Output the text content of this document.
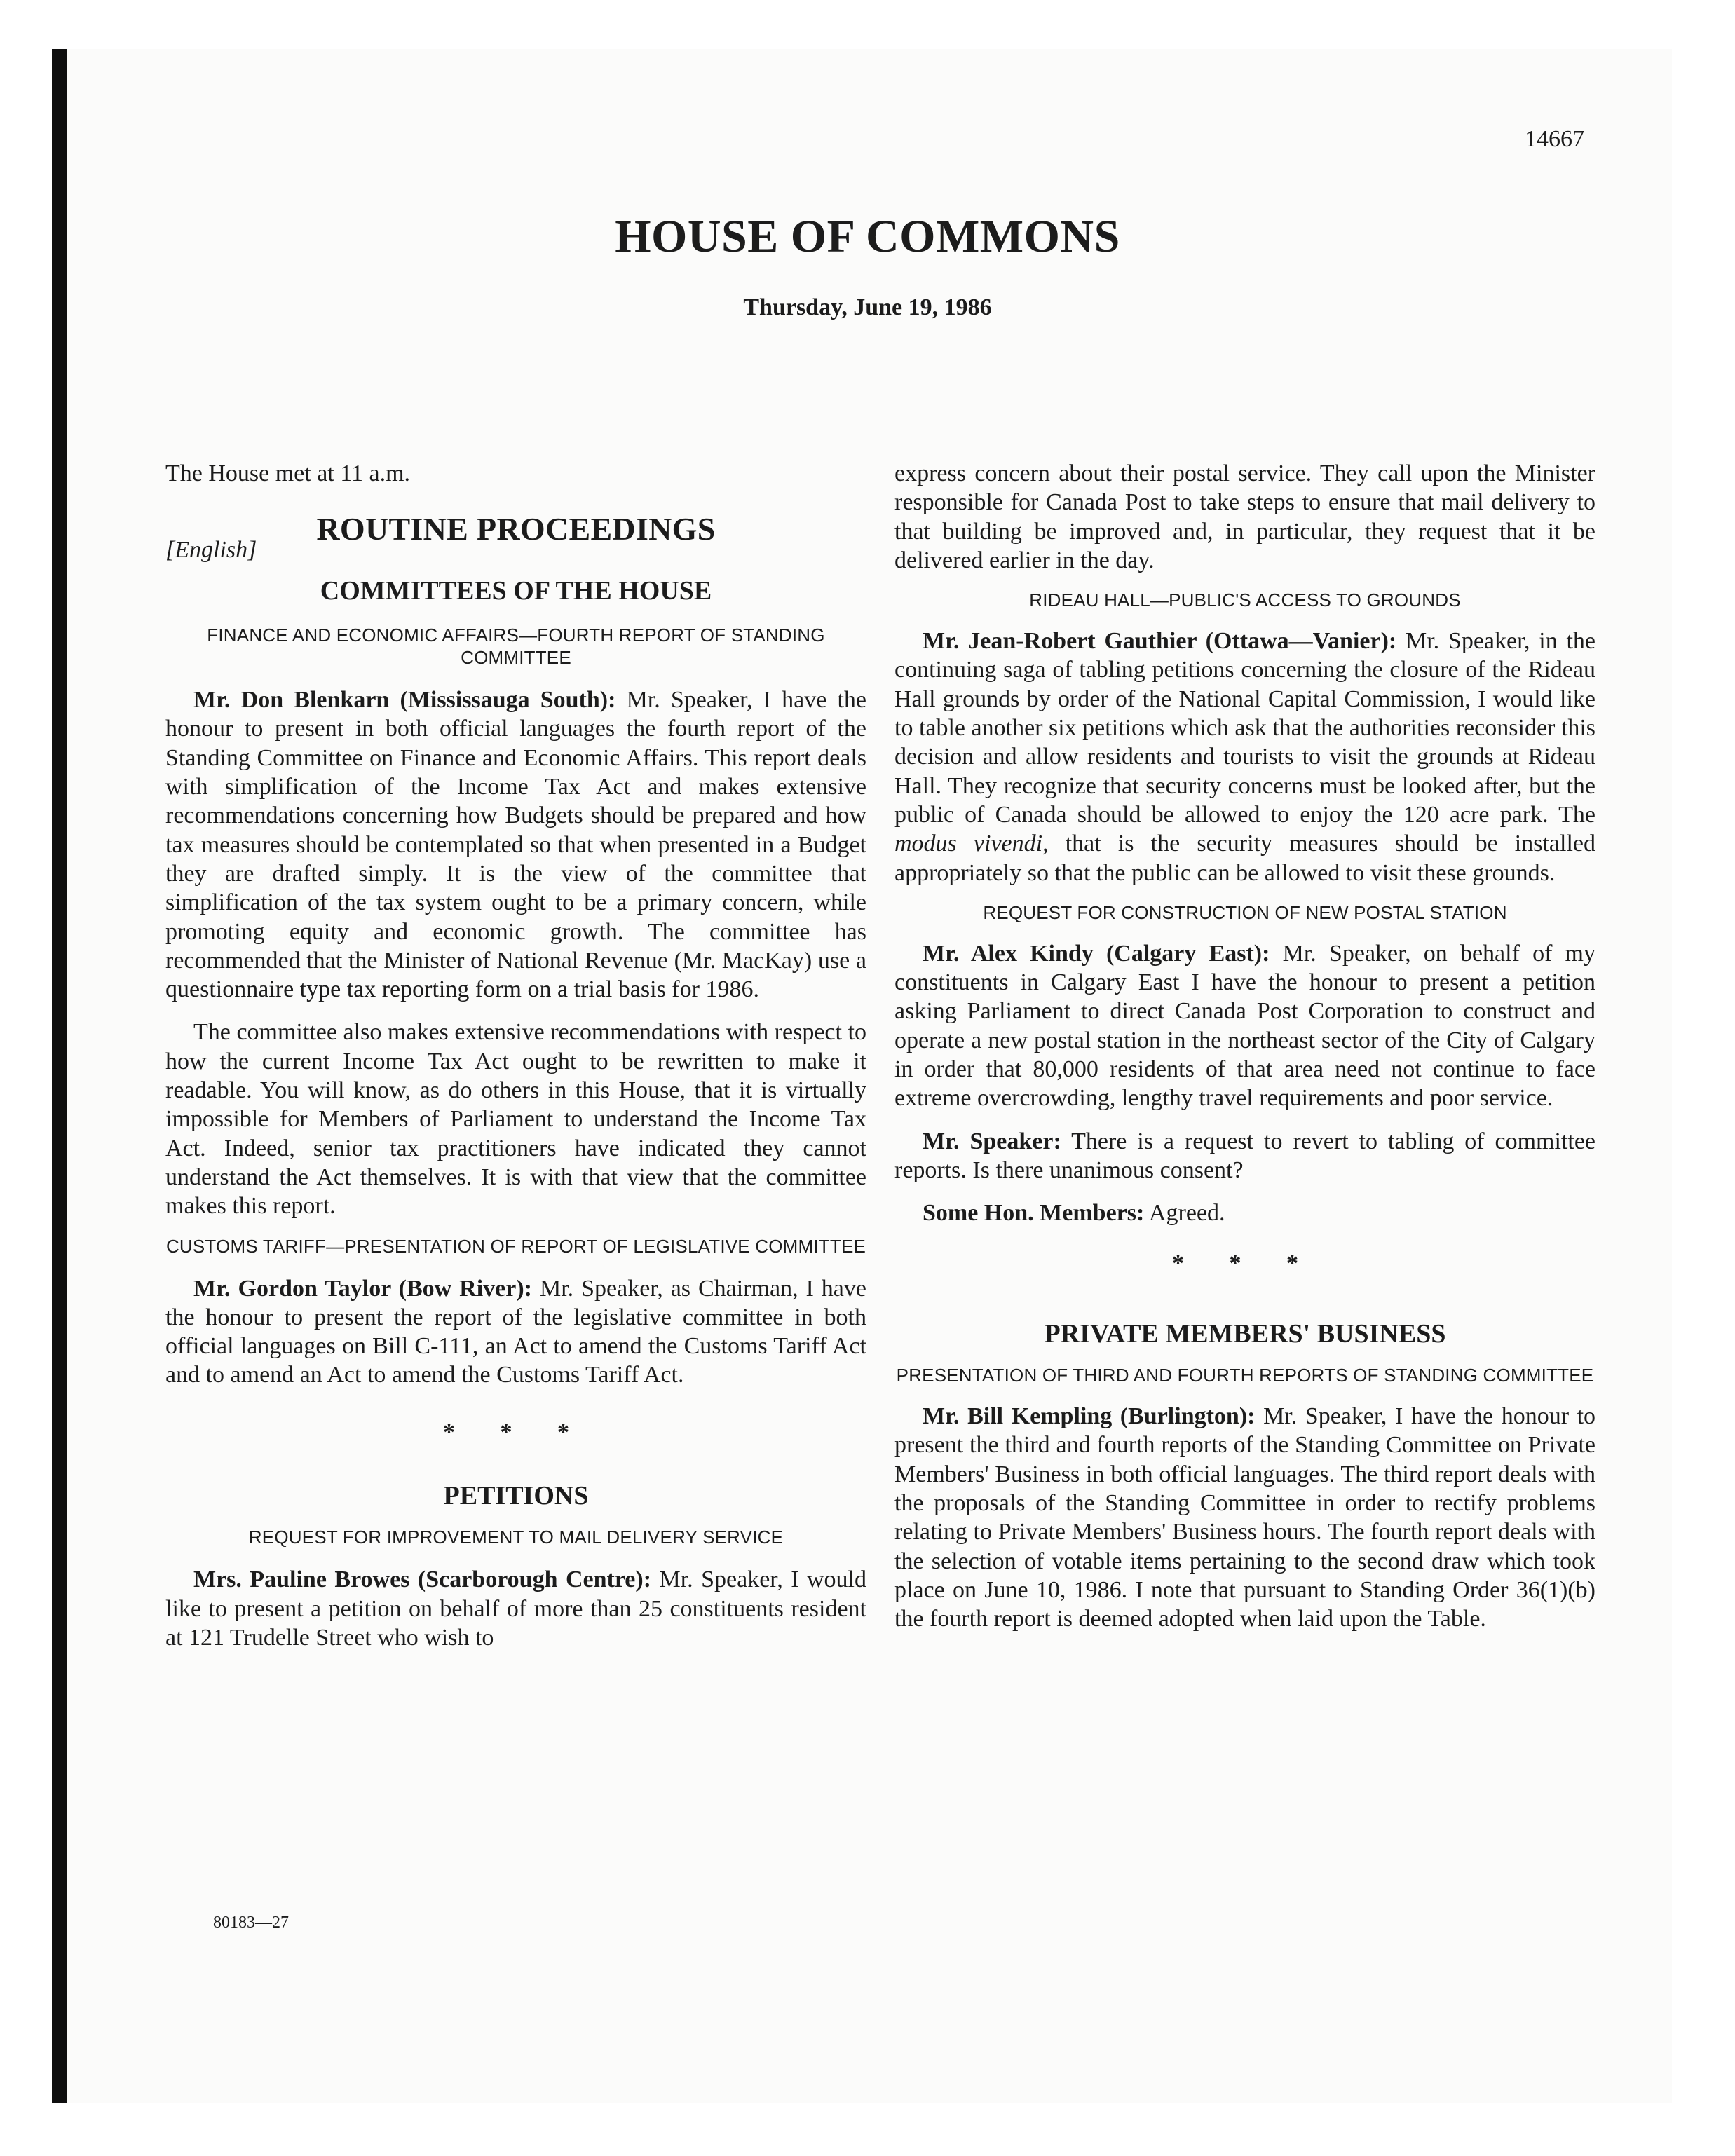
14667
HOUSE OF COMMONS
Thursday, June 19, 1986

The House met at 11 a.m.

ROUTINE PROCEEDINGS
[English]
COMMITTEES OF THE HOUSE
FINANCE AND ECONOMIC AFFAIRS—FOURTH REPORT OF STANDING COMMITTEE

Mr. Don Blenkarn (Mississauga South): Mr. Speaker, I have the honour to present in both official languages the fourth report of the Standing Committee on Finance and Economic Affairs. This report deals with simplification of the Income Tax Act and makes extensive recommendations concerning how Budgets should be prepared and how tax measures should be contemplated so that when presented in a Budget they are drafted simply. It is the view of the committee that simplification of the tax system ought to be a primary concern, while promoting equity and economic growth. The committee has recommended that the Minister of National Revenue (Mr. MacKay) use a questionnaire type tax reporting form on a trial basis for 1986.

The committee also makes extensive recommendations with respect to how the current Income Tax Act ought to be rewritten to make it readable. You will know, as do others in this House, that it is virtually impossible for Members of Parliament to understand the Income Tax Act. Indeed, senior tax practitioners have indicated they cannot understand the Act themselves. It is with that view that the committee makes this report.

CUSTOMS TARIFF—PRESENTATION OF REPORT OF LEGISLATIVE COMMITTEE

Mr. Gordon Taylor (Bow River): Mr. Speaker, as Chairman, I have the honour to present the report of the legislative committee in both official languages on Bill C-111, an Act to amend the Customs Tariff Act and to amend an Act to amend the Customs Tariff Act.

* * *
PETITIONS
REQUEST FOR IMPROVEMENT TO MAIL DELIVERY SERVICE

Mrs. Pauline Browes (Scarborough Centre): Mr. Speaker, I would like to present a petition on behalf of more than 25 constituents resident at 121 Trudelle Street who wish to

express concern about their postal service. They call upon the Minister responsible for Canada Post to take steps to ensure that mail delivery to that building be improved and, in particular, they request that it be delivered earlier in the day.

RIDEAU HALL—PUBLIC'S ACCESS TO GROUNDS

Mr. Jean-Robert Gauthier (Ottawa—Vanier): Mr. Speaker, in the continuing saga of tabling petitions concerning the closure of the Rideau Hall grounds by order of the National Capital Commission, I would like to table another six petitions which ask that the authorities reconsider this decision and allow residents and tourists to visit the grounds at Rideau Hall. They recognize that security concerns must be looked after, but the public of Canada should be allowed to enjoy the 120 acre park. The modus vivendi, that is the security measures should be installed appropriately so that the public can be allowed to visit these grounds.

REQUEST FOR CONSTRUCTION OF NEW POSTAL STATION

Mr. Alex Kindy (Calgary East): Mr. Speaker, on behalf of my constituents in Calgary East I have the honour to present a petition asking Parliament to direct Canada Post Corporation to construct and operate a new postal station in the northeast sector of the City of Calgary in order that 80,000 residents of that area need not continue to face extreme overcrowding, lengthy travel requirements and poor service.

Mr. Speaker: There is a request to revert to tabling of committee reports. Is there unanimous consent?

Some Hon. Members: Agreed.

* * *
PRIVATE MEMBERS' BUSINESS
PRESENTATION OF THIRD AND FOURTH REPORTS OF STANDING COMMITTEE

Mr. Bill Kempling (Burlington): Mr. Speaker, I have the honour to present the third and fourth reports of the Standing Committee on Private Members' Business in both official languages. The third report deals with the proposals of the Standing Committee in order to rectify problems relating to Private Members' Business hours. The fourth report deals with the selection of votable items pertaining to the second draw which took place on June 10, 1986. I note that pursuant to Standing Order 36(1)(b) the fourth report is deemed adopted when laid upon the Table.

80183—27
